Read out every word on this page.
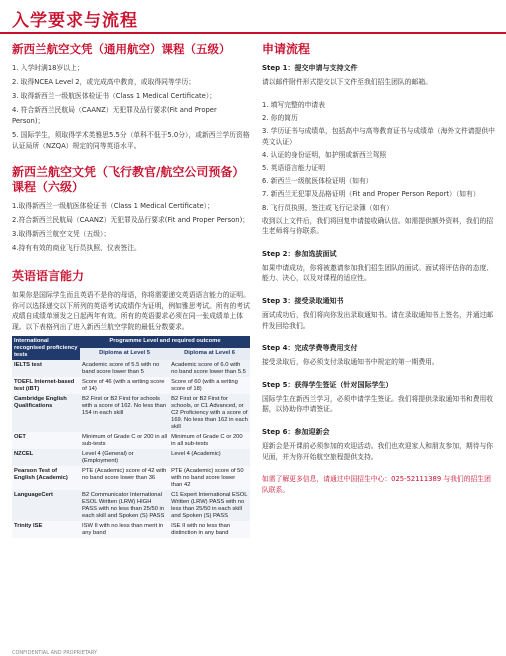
入学要求与流程
新西兰航空文凭（通用航空）课程（五级）
1. 入学时满18岁以上；
2. 取得NCEA Level 2，或完成高中教育，或取得同等学历；
3. 取得新西兰一级航医体检证书（Class 1 Medical Certificate）；
4. 符合新西兰民航局（CAANZ）无犯罪及品行要求(Fit and Proper Person)；
5. 国际学生，须取得学术类雅思5.5分（单科不低于5.0分），或新西兰学历资格认证局所（NZQA）规定的同等英语水平。
新西兰航空文凭（飞行教官/航空公司预备）课程（六级）
1.取得新西兰一级航医体检证书（Class 1 Medical Certificate）；
2.符合新西兰民航局（CAANZ）无犯罪及品行要求(Fit and Proper Person)；
3.取得新西兰航空文凭（五级）；
4.持有有效的商业飞行员执照、仪表签注。
英语语言能力

如果你是国际学生而且英语不是你的母语，你将需要递交英语语言能力的证明。你可以选择递交以下所列的英语考试成绩作为证明，例如雅思考试。所有的考试成绩自成绩单颁发之日起两年有效。所有的英语要求必须在同一张成绩单上体现。以下表格列出了进入新西兰航空学院的最低分数要求。

International recognised proficiency tests	Programme Level and required outcome	
	Diploma at Level 5	Diploma at Level 6
IELTS test	Academic score of 5.5 with no band score lower than 5	Academic score of 6.0 with no band score lower than 5.5
TOEFL Internet-based test (iBT)	Score of 46 (with a writing score of 14)	Score of 60 (with a writing score of 18)
Cambridge English Qualifications	B2 First or B2 First for schools with a score of 162. No less than 154 in each skill	B2 First or B2 First for schools, or C1 Advanced, or C2 Proficiency with a score of 169. No less than 162 in each skill
OET	Minimum of Grade C or 200 in all sub-tests	Minimum of Grade C or 200 in all sub-tests
NZCEL	Level 4 (General) or (Employment)	Level 4 (Academic)
Pearson Test of English (Academic)	PTE (Academic) score of 42 with no band score lower than 36	PTE (Academic) score of 50 with no band score lower than 42
LanguageCert	B2 Communicator International ESOL Written (LRW) HIGH PASS with no less than 25/50 in each skill and Spoken (S) PASS	C1 Expert International ESOL Written (LRW) PASS with no less than 25/50 in each skill and Spoken (S) PASS
Trinity ISE	ISW II with no less than merit in any band	ISE II with no less than distinction in any band
申请流程

Step 1：提交申请与支持文件

请以邮件附件形式提交以下文件至我们招生团队的邮箱。

1. 填写完整的申请表
2. 你的简历
3. 学历证书与成绩单，包括高中与高等教育证书与成绩单（海外文件请提供中英文认证）
4. 认证的身份证明，如护照或新西兰驾照
5. 英语语言能力证明
6. 新西兰一级航医体检证明（如有）
7. 新西兰无犯罪及品格证明（Fit and Proper Person Report）（如有）
8. 飞行员执照、签注或飞行记录簿（如有）

收到以上文件后，我们将回复申请接收确认信。如需提供额外资料，我们的招生老师将与你联系。

Step 2：参加选拔面试

如果申请成功，你将被邀请参加我们招生团队的面试。面试将评估你的态度、能力、决心，以及对课程的适应性。

Step 3：接受录取通知书

面试成功后，我们将向你发出录取通知书。请在录取通知书上签名，并通过邮件发回给我们。

Step 4：完成学费等费用支付

接受录取后，你必须支付录取通知书中规定的第一期费用。

Step 5：获得学生签证（针对国际学生）

国际学生在新西兰学习，必须申请学生签证。我们将提供录取通知书和费用收据，以协助你申请签证。

Step 6：参加迎新会

迎新会是开课前必须参加的欢迎活动。我们也欢迎家人和朋友参加，期待与你见面，并为你开始航空旅程提供支持。

如需了解更多信息，请通过中国招生中心：025-52111389 与我们的招生团队联系。

CONFIDENTIAL AND PROPRIETARY
